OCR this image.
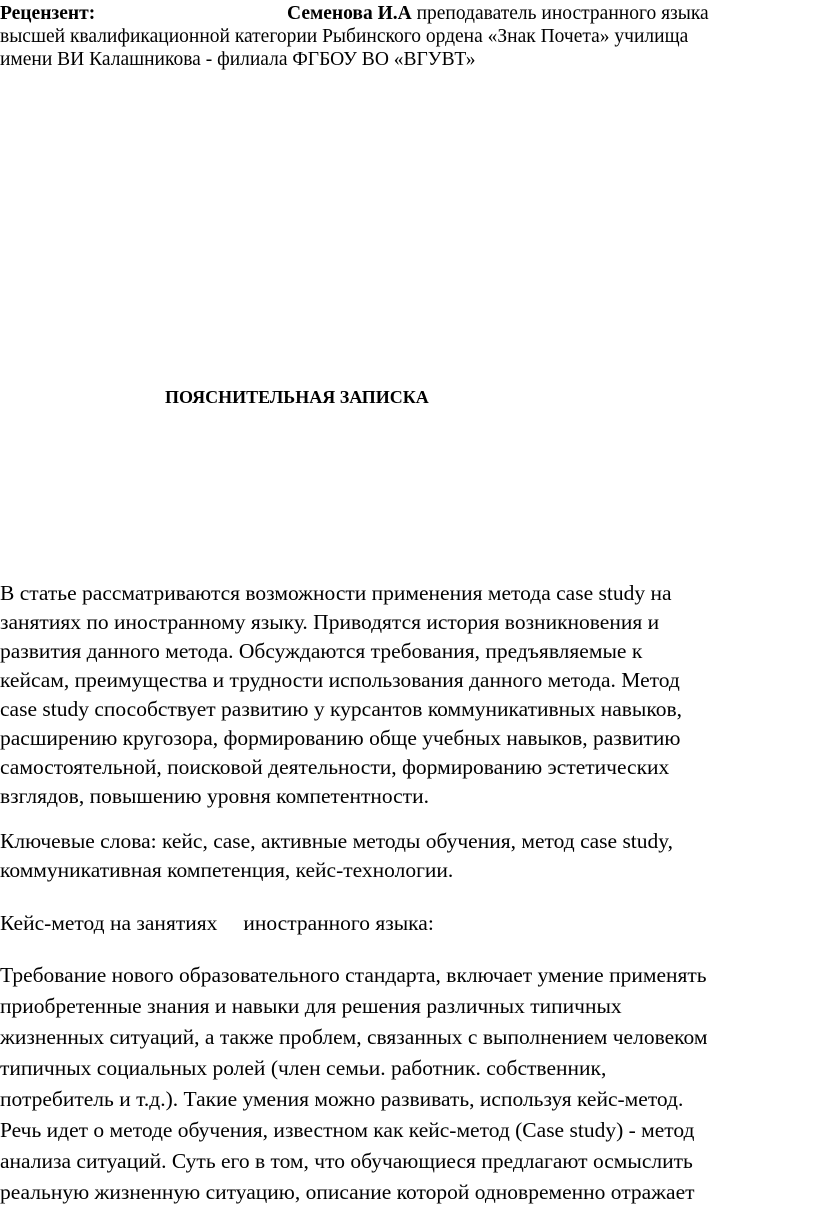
Рецензент:	Семенова И.А преподаватель иностранного языка
высшей квалификационной категории Рыбинского ордена «Знак Почета» училища
имени ВИ Калашникова - филиала ФГБОУ ВО «ВГУВТ»
ПОЯСНИТЕЛЬНАЯ ЗАПИСКА
В статье рассматриваются возможности применения метода case study на
занятиях по иностранному языку. Приводятся история возникновения и
развития данного метода. Обсуждаются требования, предъявляемые к
кейсам, преимущества и трудности использования данного метода. Метод
case study способствует развитию у курсантов коммуникативных навыков,
расширению кругозора, формированию обще учебных навыков, развитию
самостоятельной, поисковой деятельности, формированию эстетических
взглядов, повышению уровня компетентности.
Ключевые слова: кейс, case, активные методы обучения, метод case study,
коммуникативная компетенция, кейс-технологии.
Кейс-метод на занятиях иностранного языка:
Требование нового образовательного стандарта, включает умение применять
приобретенные знания и навыки для решения различных типичных
жизненных ситуаций, а также проблем, связанных с выполнением человеком
типичных социальных ролей (член семьи. работник. собственник,
потребитель и т.д.). Такие умения можно развивать, используя кейс-метод.
Речь идет о методе обучения, известном как кейс-метод (Case study) - метод
анализа ситуаций. Суть его в том, что обучающиеся предлагают осмыслить
реальную жизненную ситуацию, описание которой одновременно отражает
